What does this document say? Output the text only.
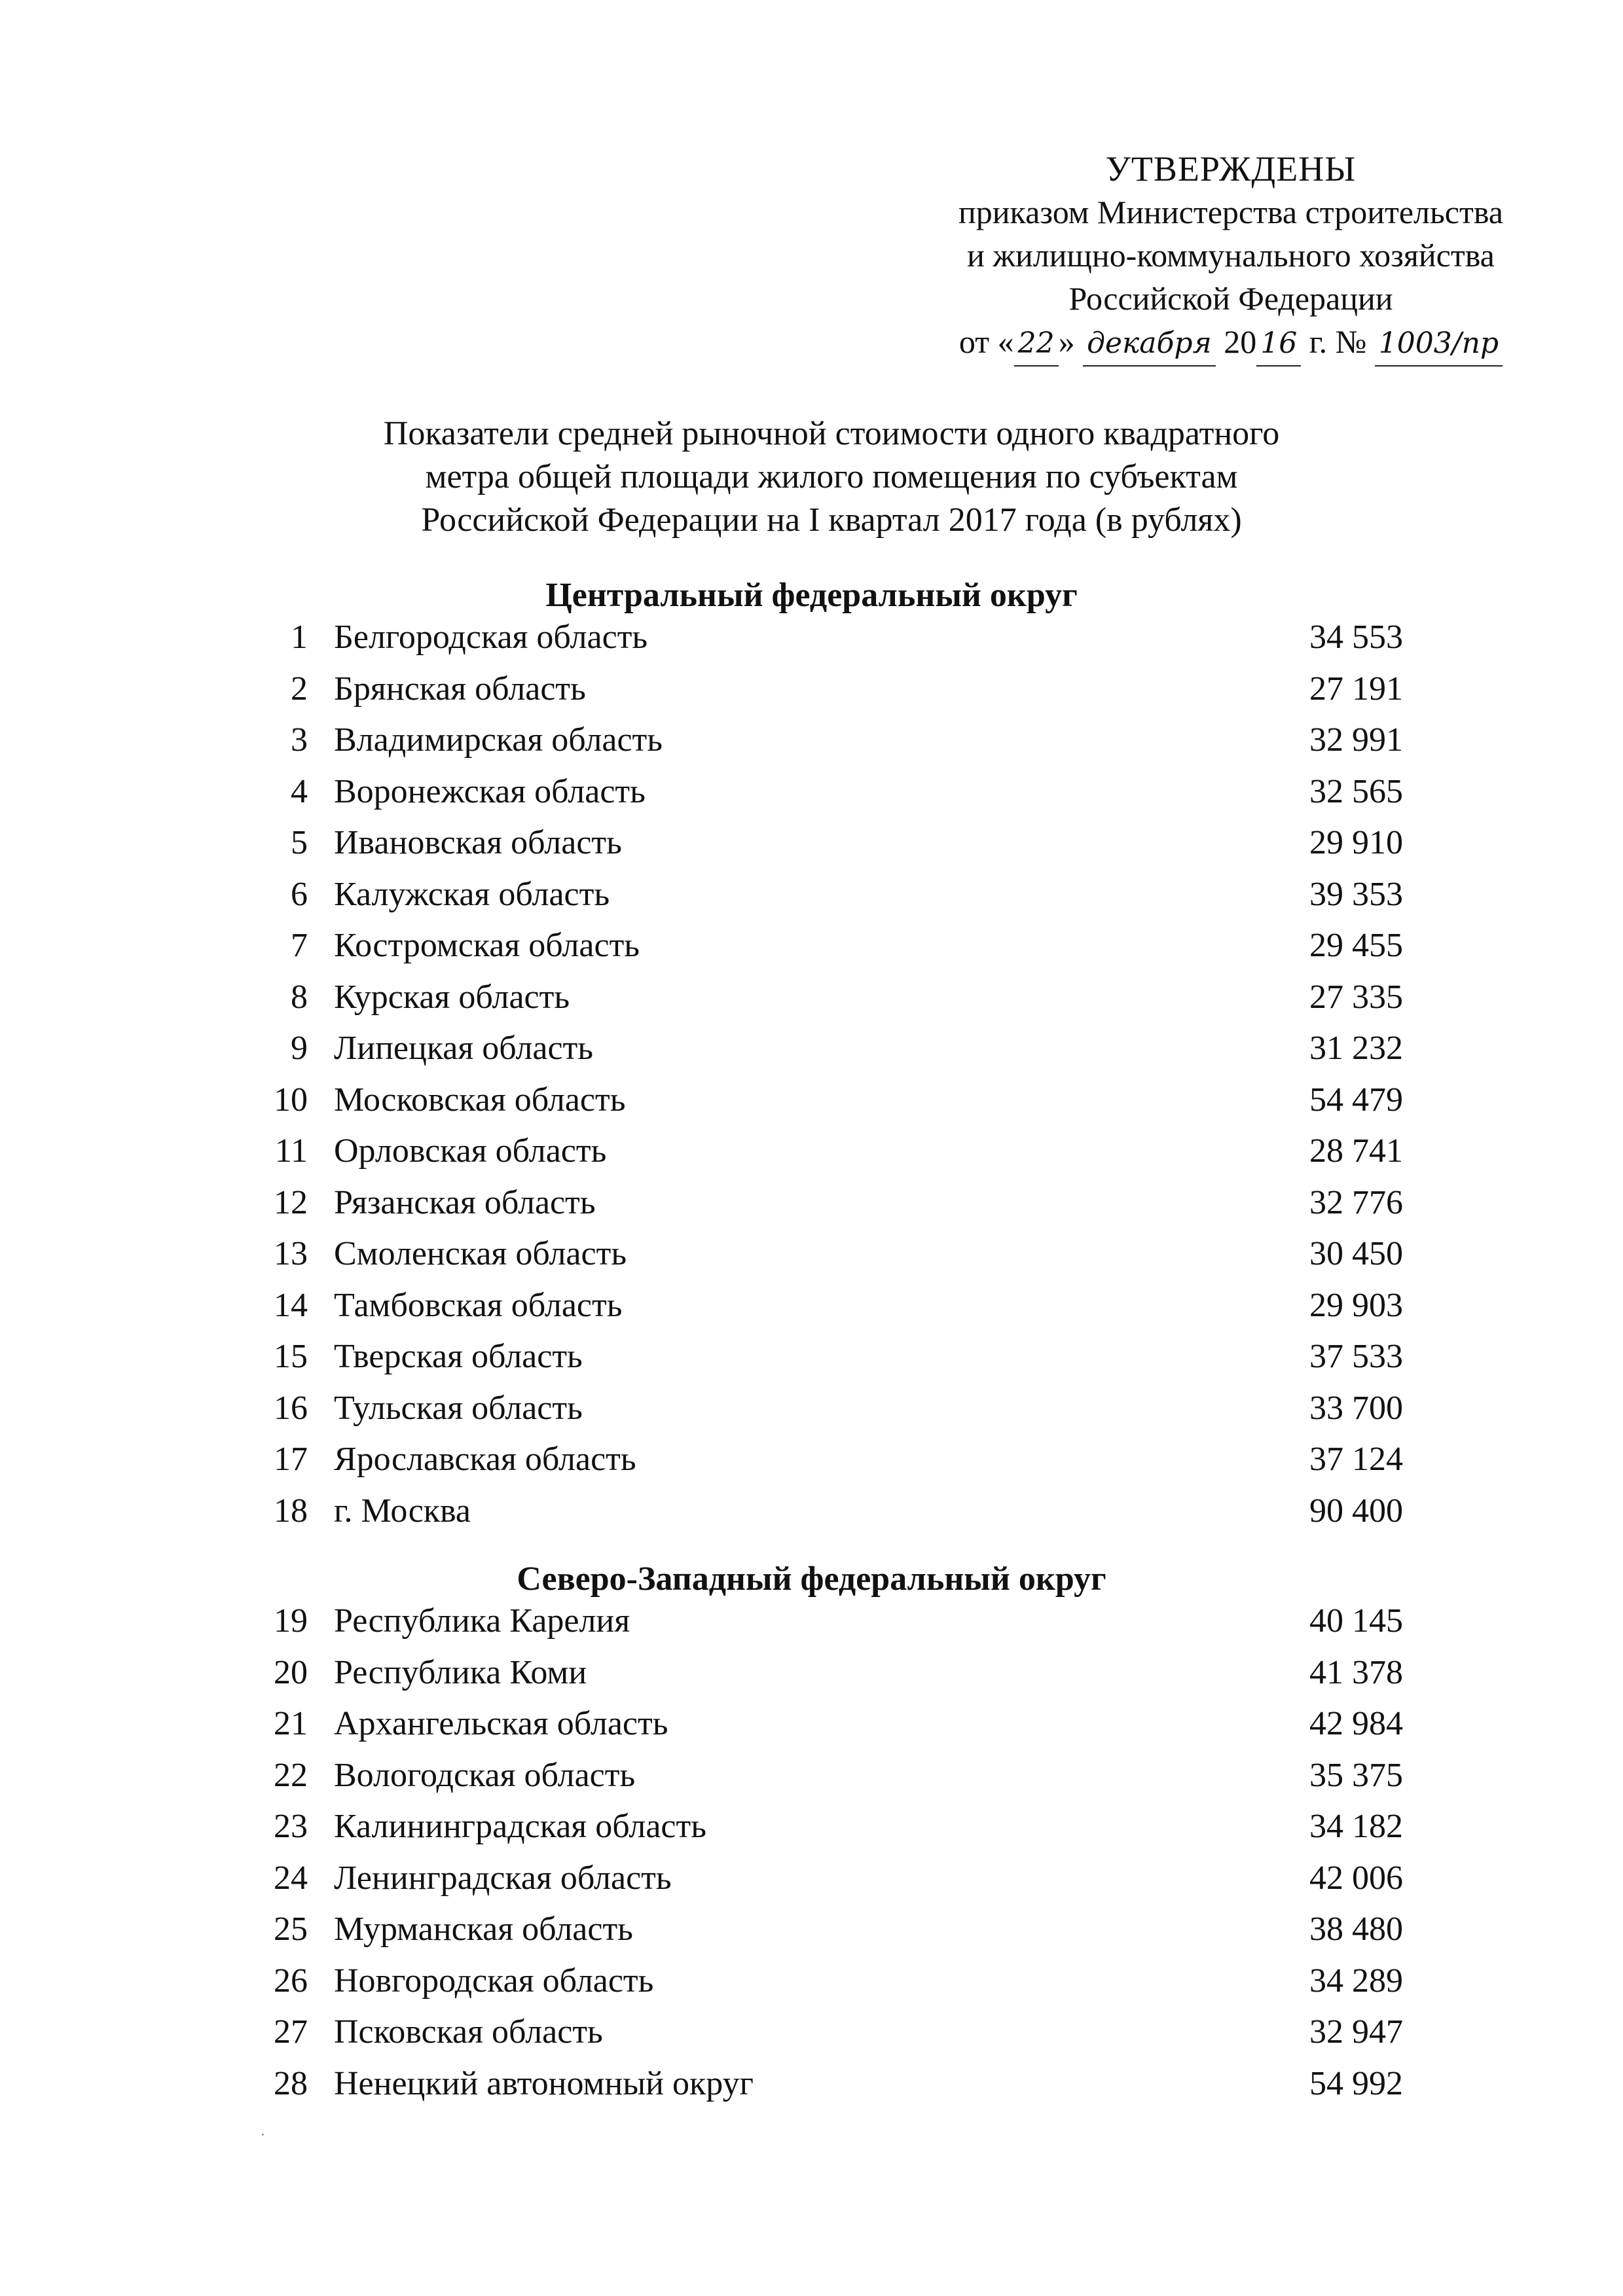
УТВЕРЖДЕНЫ
приказом Министерства строительства
и жилищно-коммунального хозяйства
Российской Федерации
от « 22 » декабря 20 16 г. № 1003/пр
Показатели средней рыночной стоимости одного квадратного
метра общей площади жилого помещения по субъектам
Российской Федерации на I квартал 2017 года (в рублях)
Центральный федеральный округ
1 Белгородская область	34 553
2 Брянская область	27 191
3 Владимирская область	32 991
4 Воронежская область	32 565
5 Ивановская область	29 910
6 Калужская область	39 353
7 Костромская область	29 455
8 Курская область	27 335
9 Липецкая область	31 232
10 Московская область	54 479
11 Орловская область	28 741
12 Рязанская область	32 776
13 Смоленская область	30 450
14 Тамбовская область	29 903
15 Тверская область	37 533
16 Тульская область	33 700
17 Ярославская область	37 124
18 г. Москва	90 400
Северо-Западный федеральный округ
19 Республика Карелия	40 145
20 Республика Коми	41 378
21 Архангельская область	42 984
22 Вологодская область	35 375
23 Калининградская область	34 182
24 Ленинградская область	42 006
25 Мурманская область	38 480
26 Новгородская область	34 289
27 Псковская область	32 947
28 Ненецкий автономный округ	54 992
